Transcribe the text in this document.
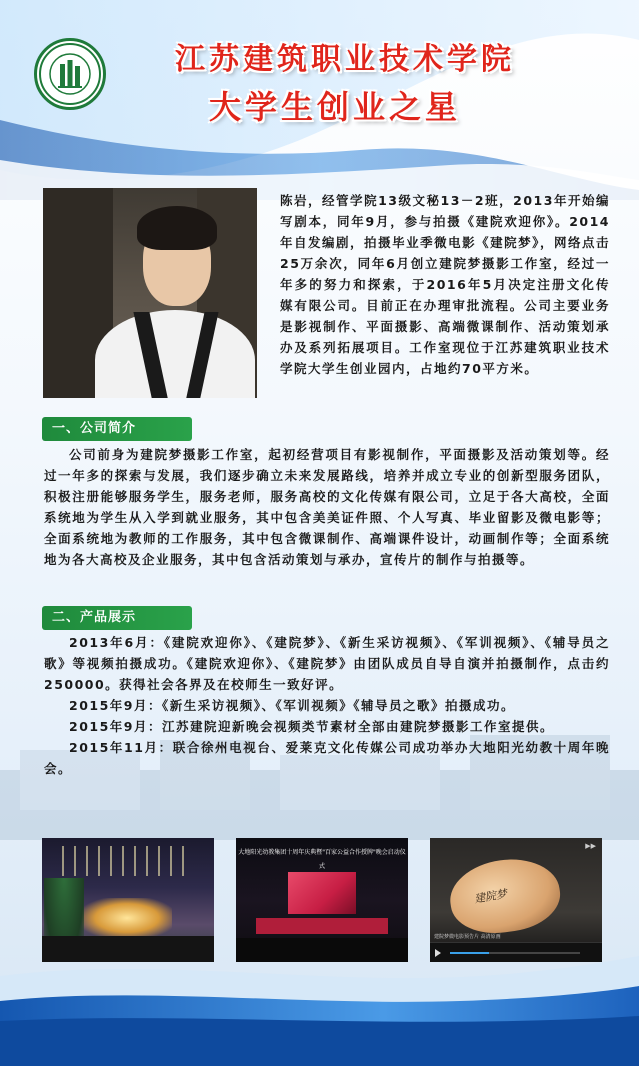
江苏建筑职业技术学院
大学生创业之星
陈岩，经管学院13级文秘13－2班，2013年开始编写剧本，同年9月，参与拍摄《建院欢迎你》。2014年自发编剧，拍摄毕业季微电影《建院梦》，网络点击25万余次，同年6月创立建院梦摄影工作室，经过一年多的努力和探索，于2016年5月决定注册文化传媒有限公司。目前正在办理审批流程。公司主要业务是影视制作、平面摄影、高端微课制作、活动策划承办及系列拓展项目。工作室现位于江苏建筑职业技术学院大学生创业园内，占地约70平方米。
一、公司简介

公司前身为建院梦摄影工作室，起初经营项目有影视制作，平面摄影及活动策划等。经过一年多的探索与发展，我们逐步确立未来发展路线，培养并成立专业的创新型服务团队，积极注册能够服务学生，服务老师，服务高校的文化传媒有限公司，立足于各大高校，全面系统地为学生从入学到就业服务，其中包含美美证件照、个人写真、毕业留影及微电影等；全面系统地为教师的工作服务，其中包含微课制作、高端课件设计，动画制作等；全面系统地为各大高校及企业服务，其中包含活动策划与承办，宣传片的制作与拍摄等。

二、产品展示

2013年6月：《建院欢迎你》、《建院梦》、《新生采访视频》、《军训视频》、《辅导员之歌》等视频拍摄成功。《建院欢迎你》、《建院梦》由团队成员自导自演并拍摄制作，点击约250000。获得社会各界及在校师生一致好评。

2015年9月：《新生采访视频》、《军训视频》《辅导员之歌》拍摄成功。

2015年9月：江苏建院迎新晚会视频类节素材全部由建院梦摄影工作室提供。

2015年11月：联合徐州电视台、爱莱克文化传媒公司成功举办大地阳光幼教十周年晚会。

大地阳光幼教集团十周年庆典暨"百家公益合作授牌"晚会启动仪式
▶▶
建院梦
建院梦微电影预告片 高清原画
